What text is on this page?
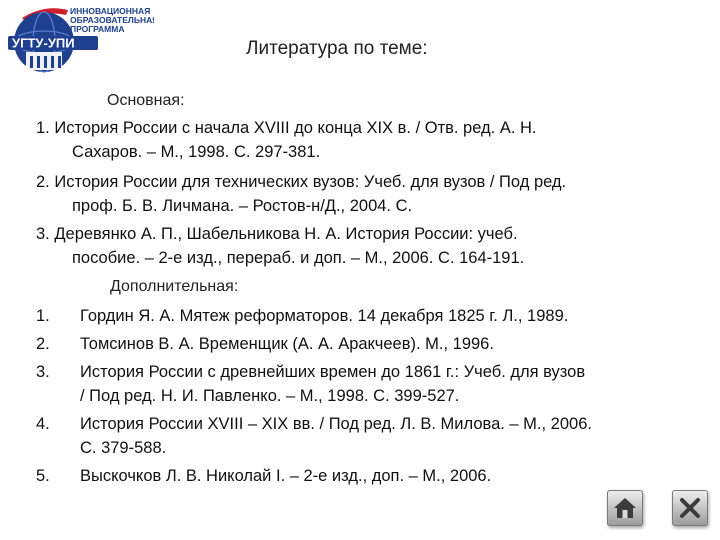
УГТУ-УПИ
ИННОВАЦИОННАЯ
ОБРАЗОВАТЕЛЬНАЯ
ПРОГРАММА
Литература по теме:
Основная:
1. История России с начала XVIII до конца XIX в. / Отв. ред. А. Н.
Сахаров. – М., 1998. С. 297-381.
2. История России для технических вузов: Учеб. для вузов / Под ред.
проф. Б. В. Личмана. – Ростов-н/Д., 2004. С.
3. Деревянко А. П., Шабельникова Н. А. История России: учеб.
пособие. – 2-е изд., перераб. и доп. – М., 2006. С. 164-191.
Дополнительная:
1. Гордин Я. А. Мятеж реформаторов. 14 декабря 1825 г. Л., 1989.
2. Томсинов В. А. Временщик (А. А. Аракчеев). М., 1996.
3. История России с древнейших времен до 1861 г.: Учеб. для вузов
/ Под ред. Н. И. Павленко. – М., 1998. С. 399-527.
4. История России XVIII – XIX вв. / Под ред. Л. В. Милова. – М., 2006.
С. 379-588.
5. Выскочков Л. В. Николай I. – 2-е изд., доп. – М., 2006.
